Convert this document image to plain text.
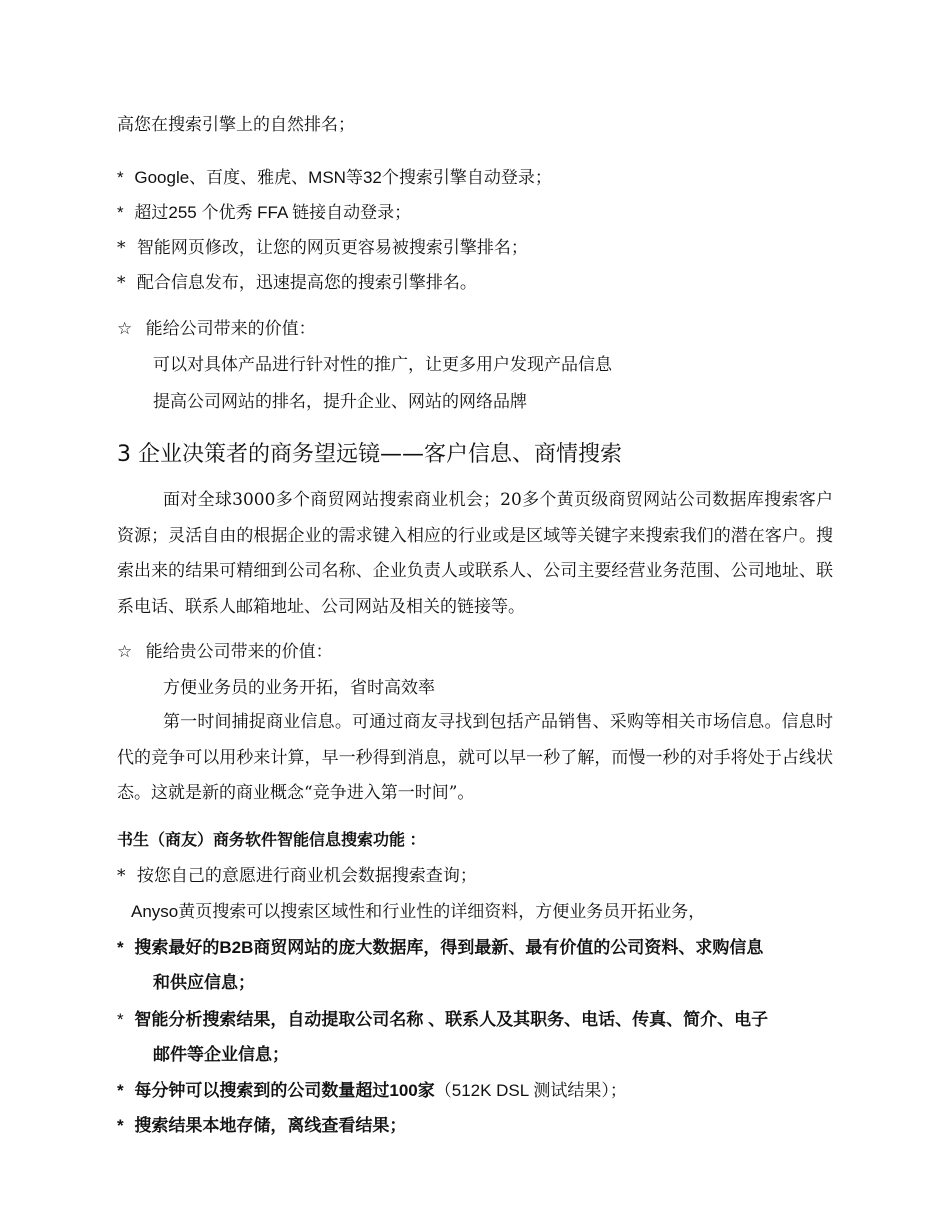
高您在搜索引擎上的自然排名；
* Google、百度、雅虎、MSN等32个搜索引擎自动登录；
* 超过255 个优秀 FFA 链接自动登录；
* 智能网页修改，让您的网页更容易被搜索引擎排名；
* 配合信息发布，迅速提高您的搜索引擎排名。
☆ 能给公司带来的价值：
可以对具体产品进行针对性的推广，让更多用户发现产品信息
提高公司网站的排名，提升企业、网站的网络品牌
3 企业决策者的商务望远镜——客户信息、商情搜索
面对全球3000多个商贸网站搜索商业机会；20多个黄页级商贸网站公司数据库搜索客户资源；灵活自由的根据企业的需求键入相应的行业或是区域等关键字来搜索我们的潜在客户。搜索出来的结果可精细到公司名称、企业负责人或联系人、公司主要经营业务范围、公司地址、联系电话、联系人邮箱地址、公司网站及相关的链接等。
☆ 能给贵公司带来的价值：
方便业务员的业务开拓，省时高效率
第一时间捕捉商业信息。可通过商友寻找到包括产品销售、采购等相关市场信息。信息时代的竞争可以用秒来计算，早一秒得到消息，就可以早一秒了解，而慢一秒的对手将处于占线状态。这就是新的商业概念“竞争进入第一时间”。
书生（商友）商务软件智能信息搜索功能 ：
* 按您自己的意愿进行商业机会数据搜索查询；
Anyso黄页搜索可以搜索区域性和行业性的详细资料，方便业务员开拓业务，
* 搜索最好的B2B商贸网站的庞大数据库，得到最新、最有价值的公司资料、求购信息
和供应信息；
* 智能分析搜索结果，自动提取公司名称 、联系人及其职务、电话、传真、简介、电子
邮件等企业信息；
* 每分钟可以搜索到的公司数量超过100家（512K DSL 测试结果）；
* 搜索结果本地存储，离线查看结果；
